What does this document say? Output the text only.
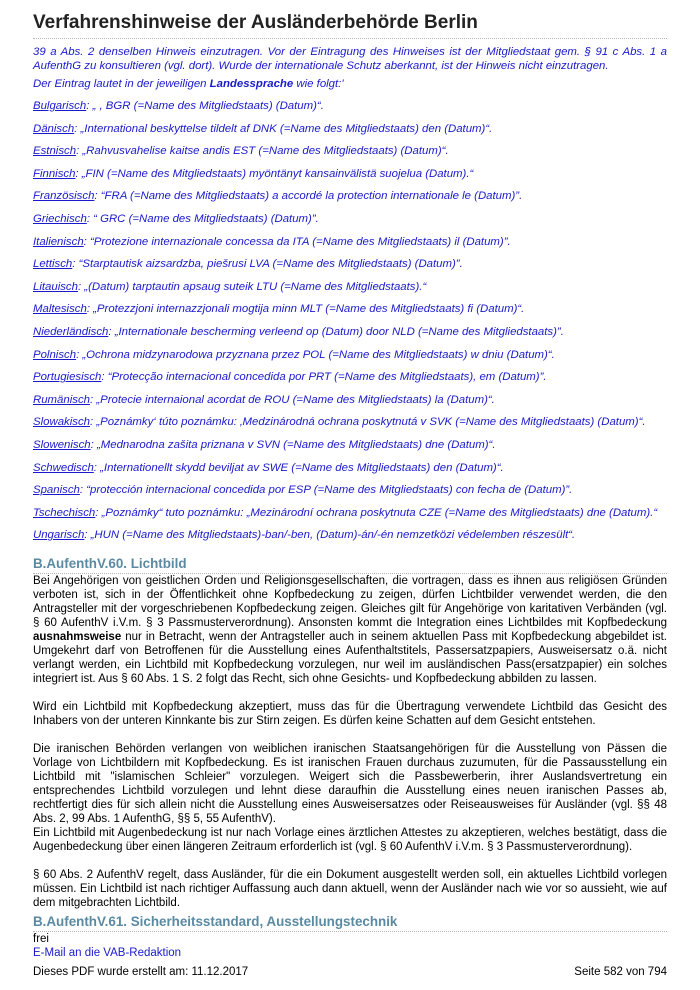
Verfahrenshinweise der Ausländerbehörde Berlin

39 a Abs. 2 denselben Hinweis einzutragen. Vor der Eintragung des Hinweises ist der Mitgliedstaat gem. § 91 c Abs. 1 a AufenthG zu konsultieren (vgl. dort). Wurde der internationale Schutz aberkannt, ist der Hinweis nicht einzutragen.

Der Eintrag lautet in der jeweiligen Landessprache wie folgt:'

Bulgarisch: „ , BGR (=Name des Mitgliedstaats) (Datum)“.

Dänisch: „International beskyttelse tildelt af DNK (=Name des Mitgliedstaats) den (Datum)“.

Estnisch: „Rahvusvahelise kaitse andis EST (=Name des Mitgliedstaats) (Datum)“.

Finnisch: „FIN (=Name des Mitgliedstaats) myöntänyt kansainvälistä suojelua (Datum).“

Französisch: “FRA (=Name des Mitgliedstaats) a accordé la protection internationale le (Datum)”.

Griechisch: “ GRC (=Name des Mitgliedstaats) (Datum)”.

Italienisch: “Protezione internazionale concessa da ITA (=Name des Mitgliedstaats) il (Datum)”.

Lettisch: “Starptautisk aizsardzba, piešrusi LVA (=Name des Mitgliedstaats) (Datum)”.

Litauisch: „(Datum) tarptautin apsaug suteik LTU (=Name des Mitgliedstaats).“

Maltesisch: „Protezzjoni internazzjonali mogtija minn MLT (=Name des Mitgliedstaats) fi (Datum)“.

Niederländisch: „Internationale bescherming verleend op (Datum) door NLD (=Name des Mitgliedstaats)”.

Polnisch: „Ochrona midzynarodowa przyznana przez POL (=Name des Mitgliedstaats) w dniu (Datum)“.

Portugiesisch: “Protecção internacional concedida por PRT (=Name des Mitgliedstaats), em (Datum)”.

Rumänisch: „Protecie internaional acordat de ROU (=Name des Mitgliedstaats) la (Datum)“.

Slowakisch: „Poznámky‘ túto poznámku: ‚Medzinárodná ochrana poskytnutá v SVK (=Name des Mitgliedstaats) (Datum)“.

Slowenisch: „Mednarodna zašita priznana v SVN (=Name des Mitgliedstaats) dne (Datum)“.

Schwedisch: „Internationellt skydd beviljat av SWE (=Name des Mitgliedstaats) den (Datum)“.

Spanisch: “protección internacional concedida por ESP (=Name des Mitgliedstaats) con fecha de (Datum)”.

Tschechisch: „Poznámky“ tuto poznámku: „Mezinárodní ochrana poskytnuta CZE (=Name des Mitgliedstaats) dne (Datum).“

Ungarisch: „HUN (=Name des Mitgliedstaats)-ban/-ben, (Datum)-án/-én nemzetközi védelemben részesült“.

B.AufenthV.60. Lichtbild

Bei Angehörigen von geistlichen Orden und Religionsgesellschaften, die vortragen, dass es ihnen aus religiösen Gründen verboten ist, sich in der Öffentlichkeit ohne Kopfbedeckung zu zeigen, dürfen Lichtbilder verwendet werden, die den Antragsteller mit der vorgeschriebenen Kopfbedeckung zeigen. Gleiches gilt für Angehörige von karitativen Verbänden (vgl. § 60 AufenthV i.V.m. § 3 Passmusterverordnung). Ansonsten kommt die Integration eines Lichtbildes mit Kopfbedeckung ausnahmsweise nur in Betracht, wenn der Antragsteller auch in seinem aktuellen Pass mit Kopfbedeckung abgebildet ist. Umgekehrt darf von Betroffenen für die Ausstellung eines Aufenthaltstitels, Passersatzpapiers, Ausweisersatz o.ä. nicht verlangt werden, ein Lichtbild mit Kopfbedeckung vorzulegen, nur weil im ausländischen Pass(ersatzpapier) ein solches integriert ist. Aus § 60 Abs. 1 S. 2 folgt das Recht, sich ohne Gesichts- und Kopfbedeckung abbilden zu lassen.

Wird ein Lichtbild mit Kopfbedeckung akzeptiert, muss das für die Übertragung verwendete Lichtbild das Gesicht des Inhabers von der unteren Kinnkante bis zur Stirn zeigen. Es dürfen keine Schatten auf dem Gesicht entstehen.

Die iranischen Behörden verlangen von weiblichen iranischen Staatsangehörigen für die Ausstellung von Pässen die Vorlage von Lichtbildern mit Kopfbedeckung. Es ist iranischen Frauen durchaus zuzumuten, für die Passausstellung ein Lichtbild mit "islamischen Schleier" vorzulegen. Weigert sich die Passbewerberin, ihrer Auslandsvertretung ein entsprechendes Lichtbild vorzulegen und lehnt diese daraufhin die Ausstellung eines neuen iranischen Passes ab, rechtfertigt dies für sich allein nicht die Ausstellung eines Ausweisersatzes oder Reiseausweises für Ausländer (vgl. §§ 48 Abs. 2, 99 Abs. 1 AufenthG, §§ 5, 55 AufenthV).

Ein Lichtbild mit Augenbedeckung ist nur nach Vorlage eines ärztlichen Attestes zu akzeptieren, welches bestätigt, dass die Augenbedeckung über einen längeren Zeitraum erforderlich ist (vgl. § 60 AufenthV i.V.m. § 3 Passmusterverordnung).

§ 60 Abs. 2 AufenthV regelt, dass Ausländer, für die ein Dokument ausgestellt werden soll, ein aktuelles Lichtbild vorlegen müssen. Ein Lichtbild ist nach richtiger Auffassung auch dann aktuell, wenn der Ausländer nach wie vor so aussieht, wie auf dem mitgebrachten Lichtbild.

B.AufenthV.61. Sicherheitsstandard, Ausstellungstechnik

frei

E-Mail an die VAB-Redaktion

Dieses PDF wurde erstellt am: 11.12.2017	Seite 582 von 794
